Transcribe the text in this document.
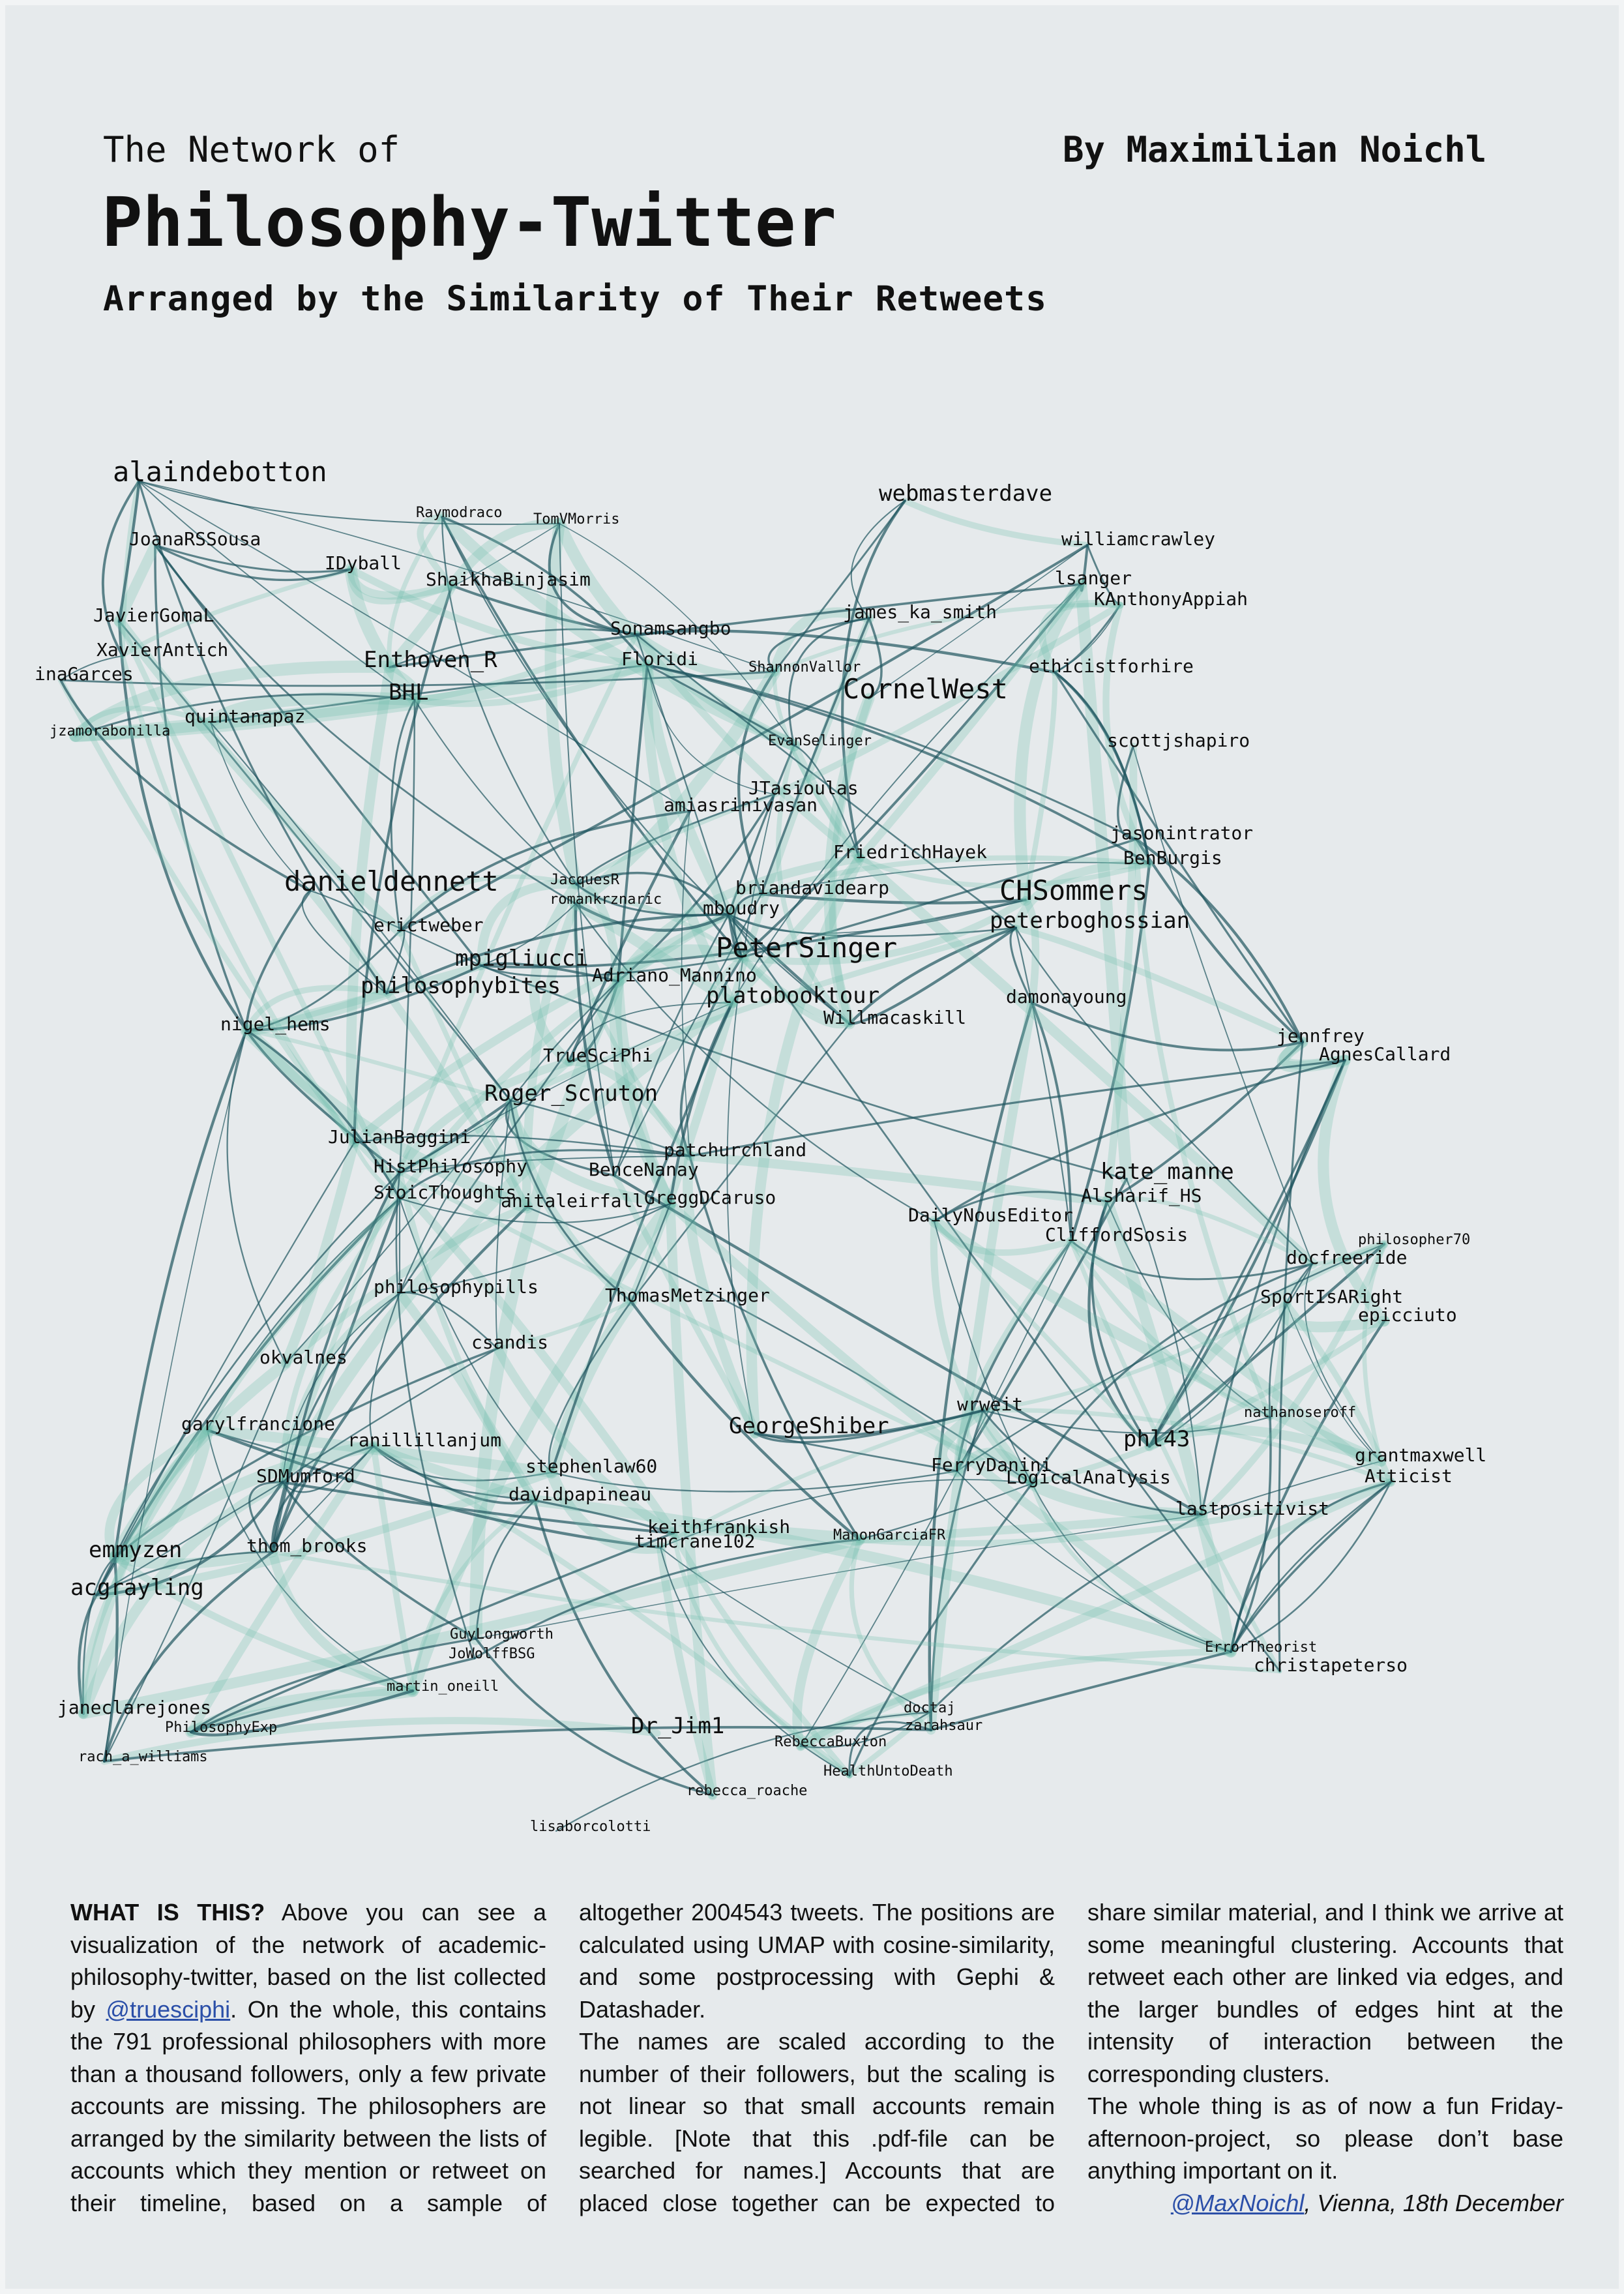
The Network of
Philosophy-Twitter
Arranged by the Similarity of Their Retweets
By Maximilian Noichl
alaindebotton
webmasterdave
williamcrawley
JoanaRSSousa
lsanger
KAnthonyAppiah
IDyball
ShaikhaBinjasim
Raymodraco TomVMorris
JavierGomaL
XavierAntich
inaGarces
quintanapaz
jzamorabonilla
Enthoven_R
BHL
Sonamsangbo
Floridi
james_ka_smith
CornelWest
ethicistforhire
scottjshapiro
ShannonVallor
danieldennett	CHSommers
peterboghossian
jasonintrator
BenBurgis
FriedrichHayek
JTasioulas
amiasrinivasan
EvanSelinger
JacquesR
romankrznaric mboudry
briandavidearp
PeterSinger
philosophybites
mpigliucci
platobooktour
Willmacaskill
damonayoung
nigel_hems
erictweber
Adriano_Mannino
TrueSciPhi
Roger_Scruton
jennfrey
AgnesCallard
JulianBaggini
HistPhilosophy	BenceNanay
patchurchland
kate_manne
StoicThoughts	GreggDCaruso	Alsharif_HS
DailyNousEditor
CliffordSosis
docfreeride
philosopher70
anitaleirfall
philosophypills	ThomasMetzinger	SportIsARight
epicciuto
csandis
okvalnes
garylfrancione
ranillillanjum
GeorgeShiber
wrweit
phl43
nathanoseroff
grantmaxwell
Atticist
SDMumford	stephenlaw60
davidpapineau
FerryDanini
LogicalAnalysis
lastpositivist
emmyzen	thom_brooks
keithfrankish
timcrane102	ManonGarciaFR
acgrayling
GuyLongworth
JoWolffBSG	ErrorTheorist
christapeterso
janeclarejones
PhilosophyExp	Dr_Jim1
RebeccaBuxton
doctaj
zarahsaur
HealthUntoDeath
rebecca_roache
lisaborcolotti
martin_oneill
rach_a_williams

WHAT IS THIS? Above you can see a visualization of the network of academic-philosophy-twitter, based on the list collected by @truesciphi. On the whole, this contains the 791 professional philosophers with more than a thousand followers, only a few private accounts are missing. The philosophers are arranged by the similarity between the lists of accounts which they mention or retweet on their timeline, based on a sample of altogether 2004543 tweets. The positions are calculated using UMAP with cosine-similarity, and some postprocessing with Gephi & Datashader.

The names are scaled according to the number of their followers, but the scaling is not linear so that small accounts remain legible. [Note that this .pdf-file can be searched for names.] Accounts that are placed close together can be expected to share similar material, and I think we arrive at some meaningful clustering. Accounts that retweet each other are linked via edges, and the larger bundles of edges hint at the intensity of interaction between the corresponding clusters.

The whole thing is as of now a fun Friday-afternoon-project, so please don’t base anything important on it.

@MaxNoichl, Vienna, 18th December
